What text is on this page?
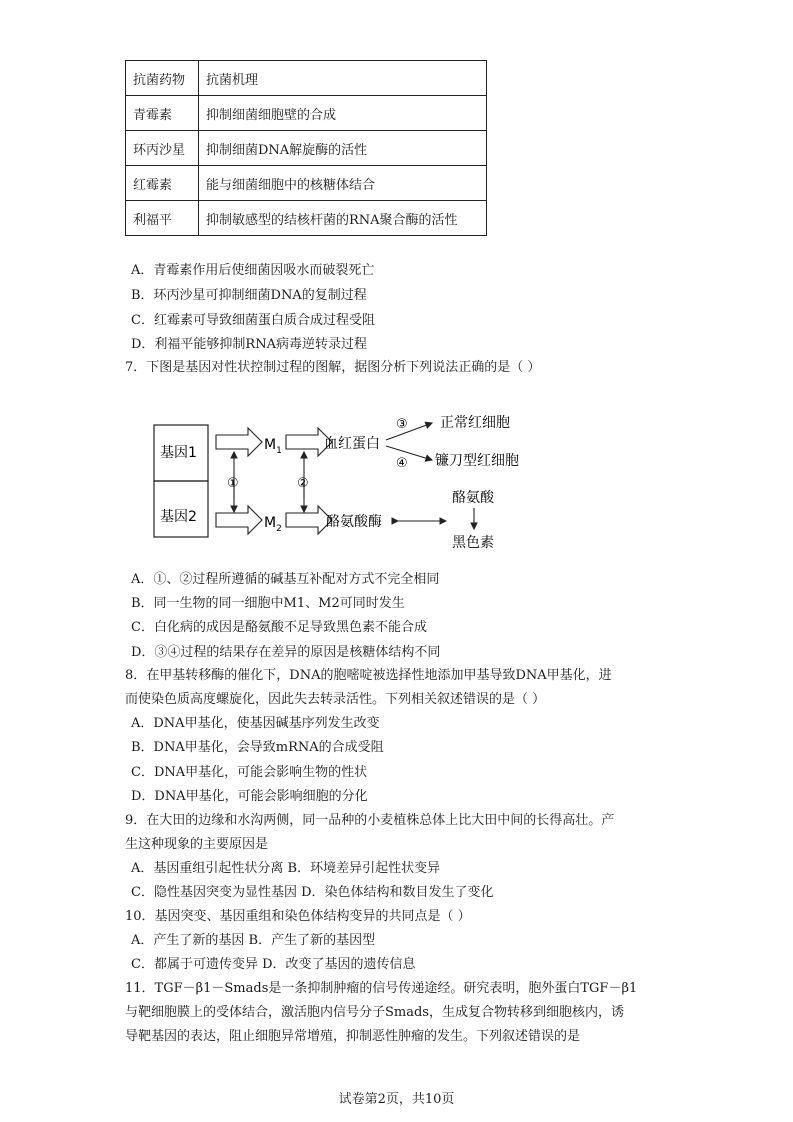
抗菌药物	抗菌机理
青霉素	抑制细菌细胞壁的合成
环丙沙星	抑制细菌DNA解旋酶的活性
红霉素	能与细菌细胞中的核糖体结合
利福平	抑制敏感型的结核杆菌的RNA聚合酶的活性
A．青霉素作用后使细菌因吸水而破裂死亡
B．环丙沙星可抑制细菌DNA的复制过程
C．红霉素可导致细菌蛋白质合成过程受阻
D．利福平能够抑制RNA病毒逆转录过程
7．下图是基因对性状控制过程的图解，据图分析下列说法正确的是（ ）
基因1
基因2
$M_1$	血红蛋白
③
④
正常红细胞
镰刀型红细胞
①	②
$M_2$	酪氨酸酶
酪氨酸
黑色素
A．①、②过程所遵循的碱基互补配对方式不完全相同
B．同一生物的同一细胞中M1、M2可同时发生
C．白化病的成因是酪氨酸不足导致黑色素不能合成
D．③④过程的结果存在差异的原因是核糖体结构不同
8．在甲基转移酶的催化下，DNA的胞嘧啶被选择性地添加甲基导致DNA甲基化，进
而使染色质高度螺旋化，因此失去转录活性。下列相关叙述错误的是（ ）
A．DNA甲基化，使基因碱基序列发生改变
B．DNA甲基化，会导致mRNA的合成受阻
C．DNA甲基化，可能会影响生物的性状
D．DNA甲基化，可能会影响细胞的分化
9．在大田的边缘和水沟两侧，同一品种的小麦植株总体上比大田中间的长得高壮。产
生这种现象的主要原因是
A．基因重组引起性状分离 B．环境差异引起性状变异
C．隐性基因突变为显性基因 D．染色体结构和数目发生了变化
10．基因突变、基因重组和染色体结构变异的共同点是（ ）
A．产生了新的基因 B．产生了新的基因型
C．都属于可遗传变异 D．改变了基因的遗传信息
11．TGF－β1－Smads是一条抑制肿瘤的信号传递途经。研究表明，胞外蛋白TGF－β1
与靶细胞膜上的受体结合，激活胞内信号分子Smads，生成复合物转移到细胞核内，诱
导靶基因的表达，阻止细胞异常增殖，抑制恶性肿瘤的发生。下列叙述错误的是
试卷第2页，共10页
